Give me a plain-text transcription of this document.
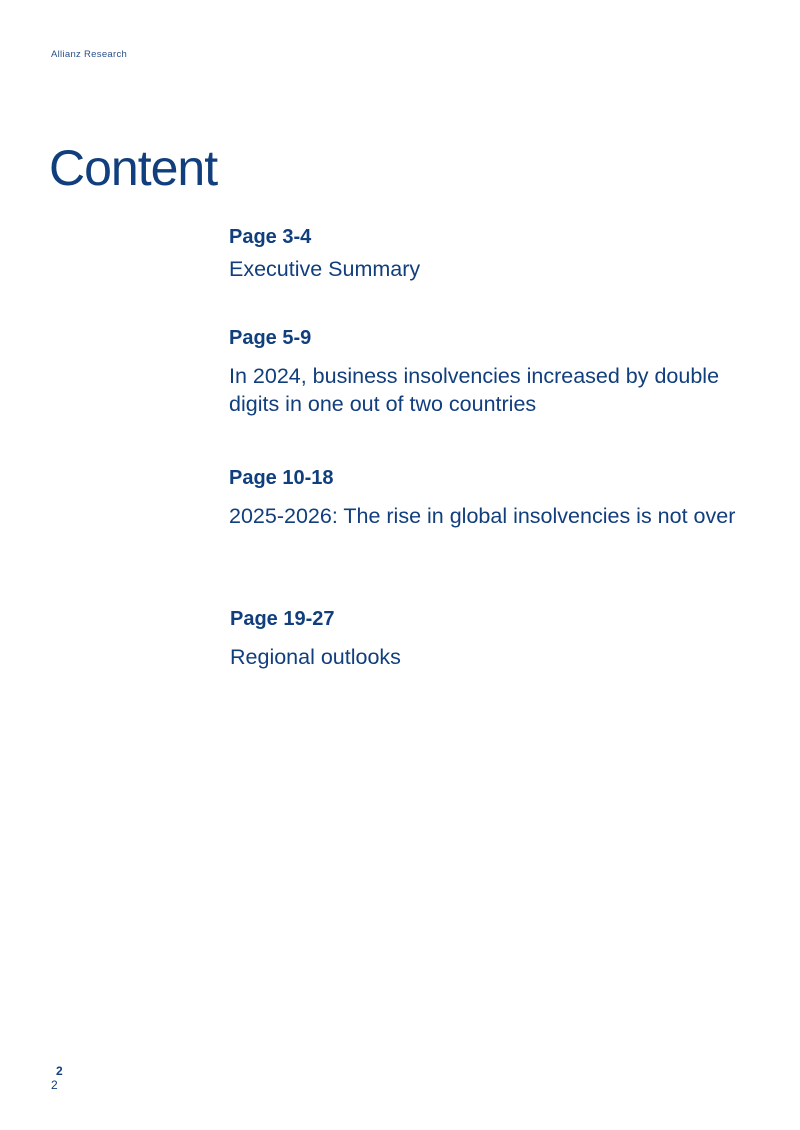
Allianz Research
Content
Page 3-4
Executive Summary
Page 5-9
In 2024, business insolvencies increased by double digits in one out of two countries
Page 10-18
2025-2026: The rise in global insolvencies is not over
Page 19-27
Regional outlooks
2
2
